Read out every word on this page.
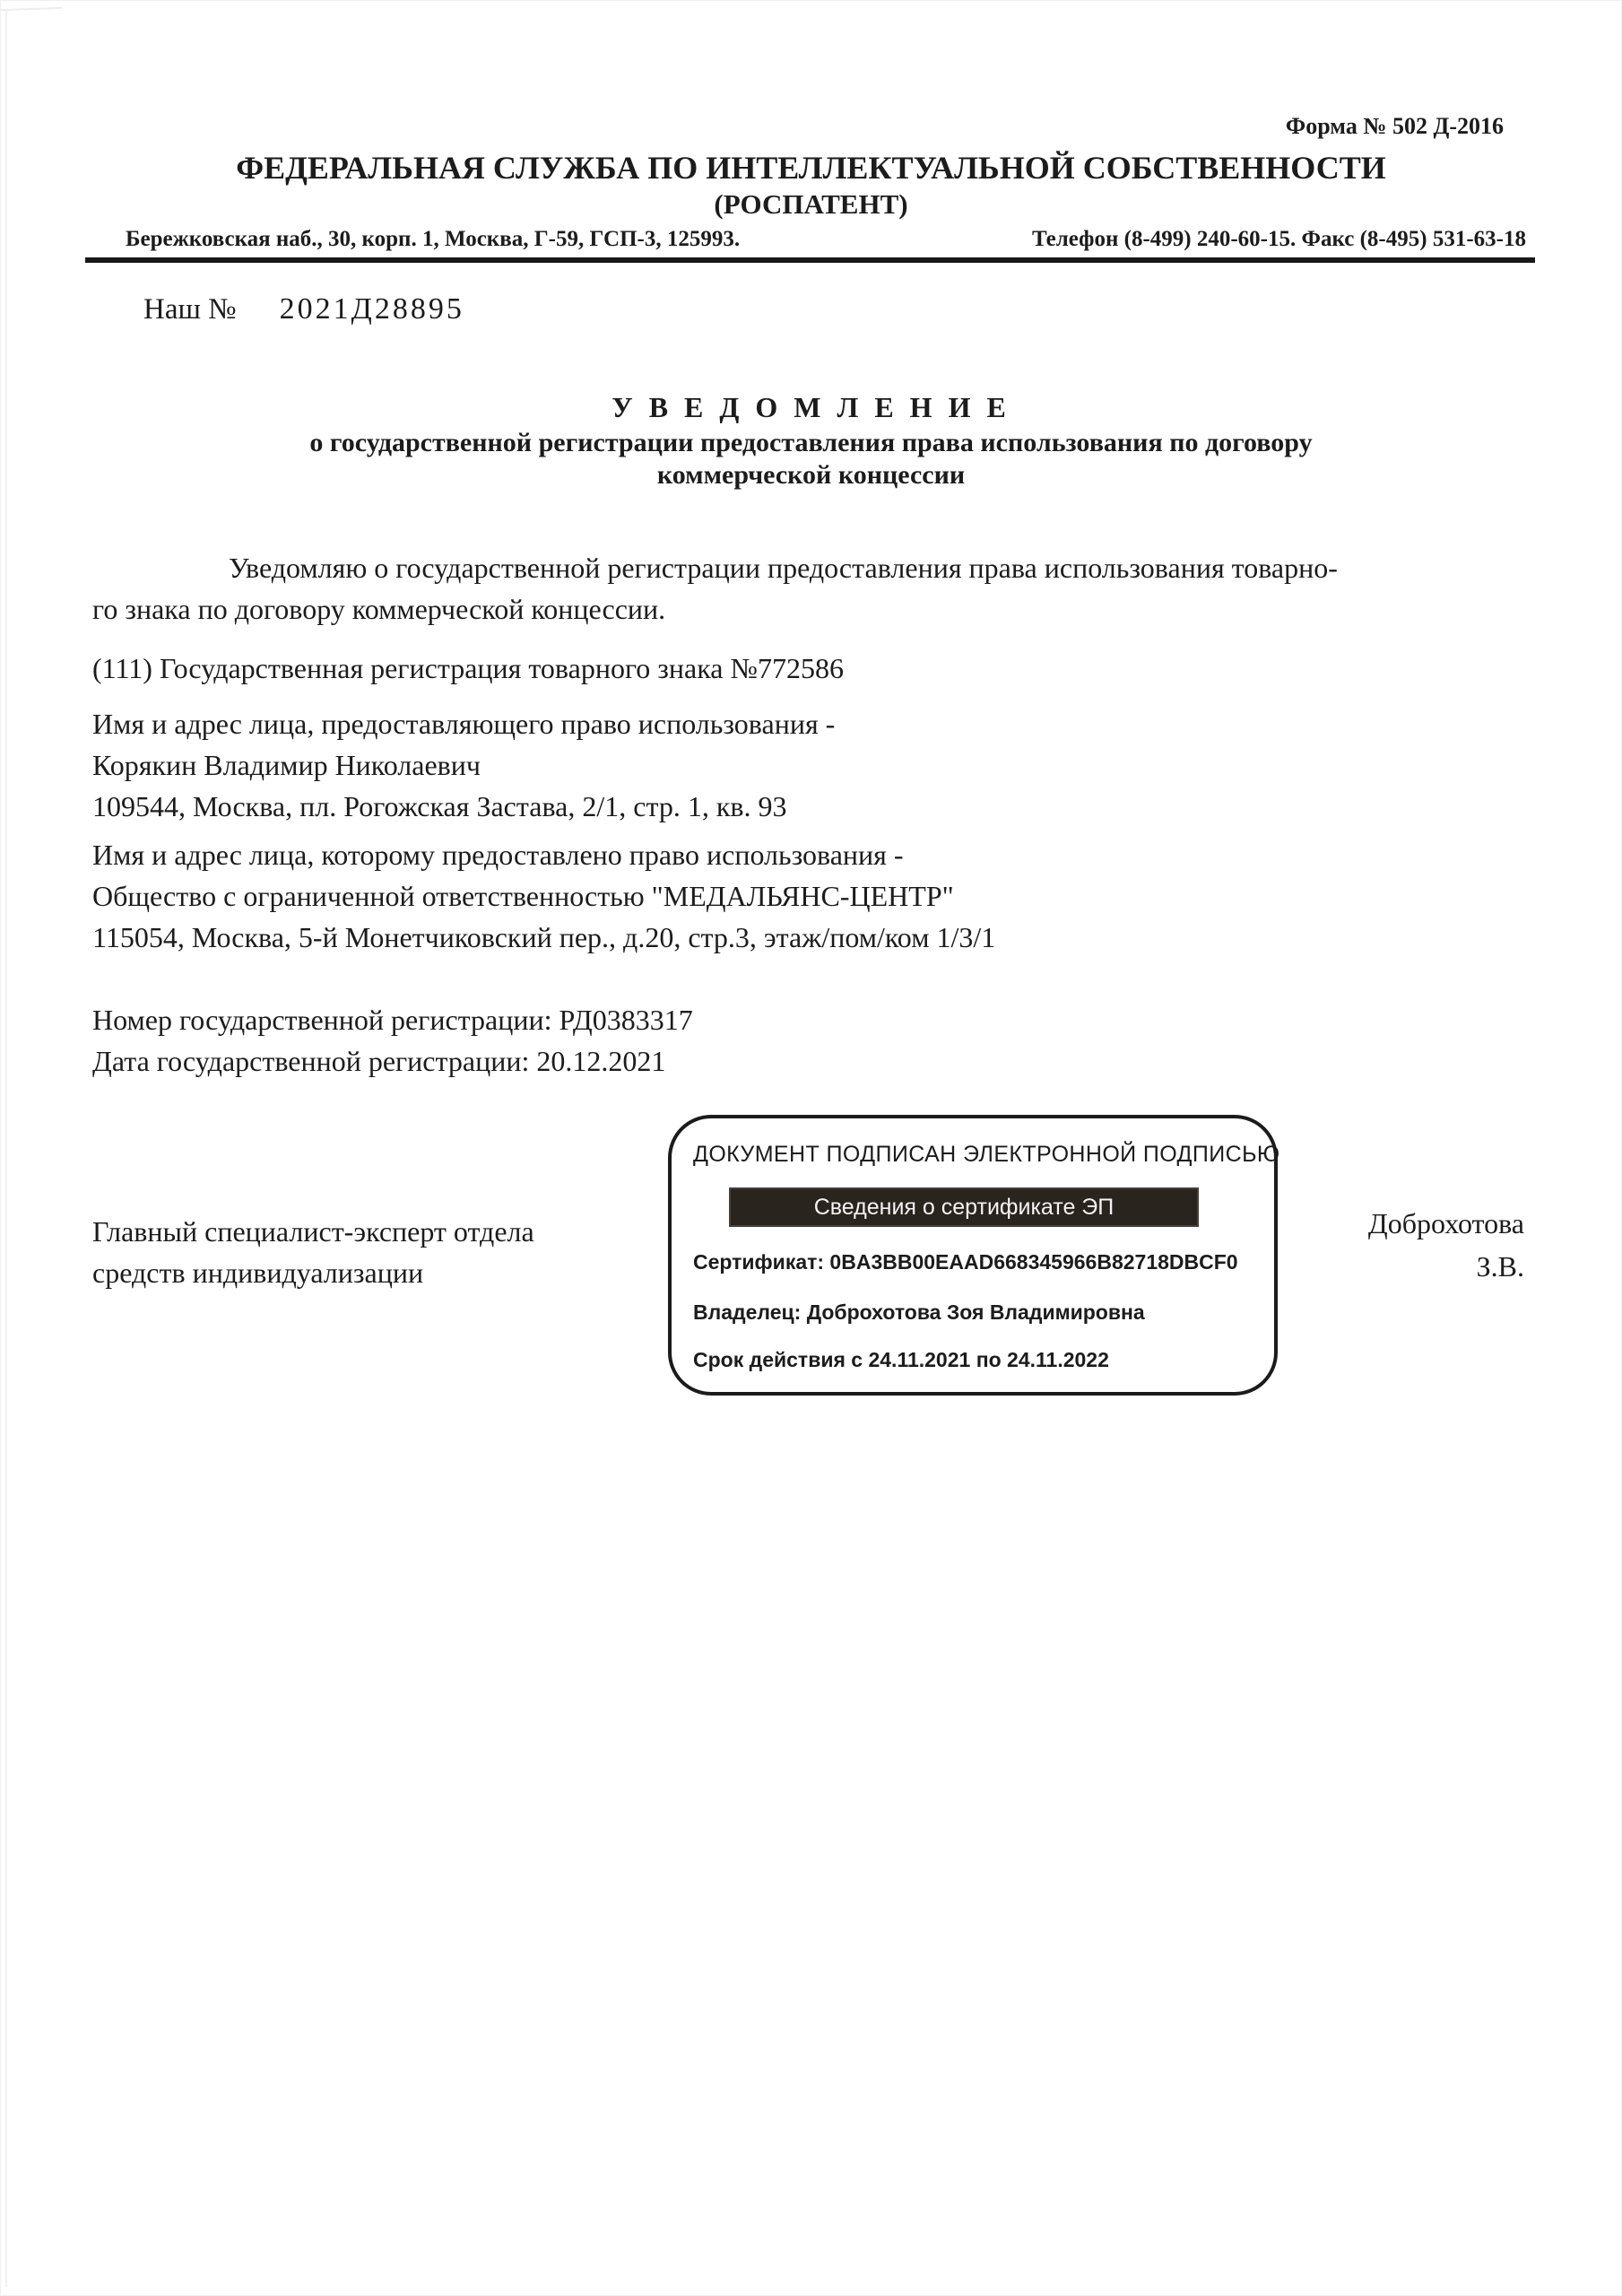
Форма № 502 Д-2016
ФЕДЕРАЛЬНАЯ СЛУЖБА ПО ИНТЕЛЛЕКТУАЛЬНОЙ СОБСТВЕННОСТИ
(РОСПАТЕНТ)
Бережковская наб., 30, корп. 1, Москва, Г-59, ГСП-3, 125993.	Телефон (8-499) 240-60-15. Факс (8-495) 531-63-18
Наш № 2021Д28895
У В Е Д О М Л Е Н И Е
о государственной регистрации предоставления права использования по договору
коммерческой концессии
Уведомляю о государственной регистрации предоставления права использования товарно-
го знака по договору коммерческой концессии.
(111) Государственная регистрация товарного знака №772586
Имя и адрес лица, предоставляющего право использования -
Корякин Владимир Николаевич
109544, Москва, пл. Рогожская Застава, 2/1, стр. 1, кв. 93
Имя и адрес лица, которому предоставлено право использования -
Общество с ограниченной ответственностью "МЕДАЛЬЯНС-ЦЕНТР"
115054, Москва, 5-й Монетчиковский пер., д.20, стр.3, этаж/пом/ком 1/3/1
Номер государственной регистрации: РД0383317
Дата государственной регистрации: 20.12.2021
Главный специалист-эксперт отдела
средств индивидуализации
ДОКУМЕНТ ПОДПИСАН ЭЛЕКТРОННОЙ ПОДПИСЬЮ
Сведения о сертификате ЭП
Сертификат: 0BA3BB00EAAD668345966B82718DBCF0
Владелец: Доброхотова Зоя Владимировна
Срок действия с 24.11.2021 по 24.11.2022
Доброхотова
З.В.
